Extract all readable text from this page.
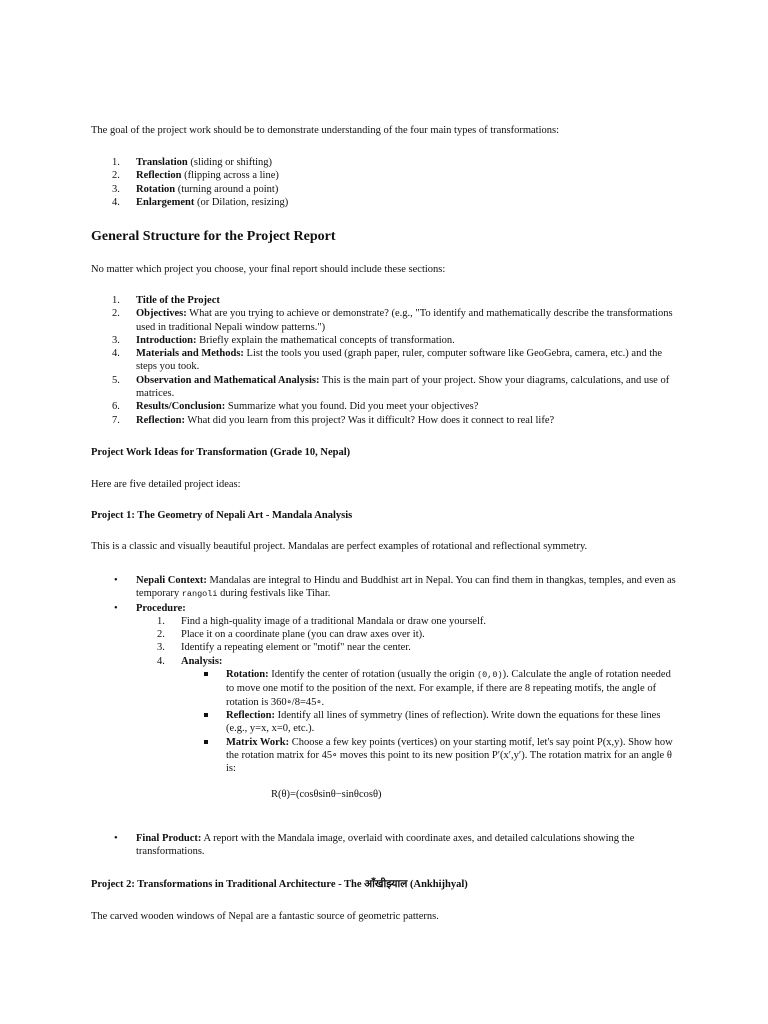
The goal of the project work should be to demonstrate understanding of the four main types of transformations:

1. Translation (sliding or shifting)
2. Reflection (flipping across a line)
3. Rotation (turning around a point)
4. Enlargement (or Dilation, resizing)
General Structure for the Project Report

No matter which project you choose, your final report should include these sections:

1. Title of the Project
2. Objectives: What are you trying to achieve or demonstrate? (e.g., "To identify and mathematically describe the transformations used in traditional Nepali window patterns.")
3. Introduction: Briefly explain the mathematical concepts of transformation.
4. Materials and Methods: List the tools you used (graph paper, ruler, computer software like GeoGebra, camera, etc.) and the steps you took.
5. Observation and Mathematical Analysis: This is the main part of your project. Show your diagrams, calculations, and use of matrices.
6. Results/Conclusion: Summarize what you found. Did you meet your objectives?
7. Reflection: What did you learn from this project? Was it difficult? How does it connect to real life?
Project Work Ideas for Transformation (Grade 10, Nepal)

Here are five detailed project ideas:

Project 1: The Geometry of Nepali Art - Mandala Analysis

This is a classic and visually beautiful project. Mandalas are perfect examples of rotational and reflectional symmetry.

• Nepali Context: Mandalas are integral to Hindu and Buddhist art in Nepal. You can find them in thangkas, temples, and even as temporary rangoli during festivals like Tihar.
• Procedure:
1. Find a high-quality image of a traditional Mandala or draw one yourself.
2. Place it on a coordinate plane (you can draw axes over it).
3. Identify a repeating element or "motif" near the center.
4. Analysis:
Rotation: Identify the center of rotation (usually the origin (0,0)). Calculate the angle of rotation needed to move one motif to the position of the next. For example, if there are 8 repeating motifs, the angle of rotation is 360∘/8=45∘.
Reflection: Identify all lines of symmetry (lines of reflection). Write down the equations for these lines (e.g., y=x, x=0, etc.).
Matrix Work: Choose a few key points (vertices) on your starting motif, let's say point P(x,y). Show how the rotation matrix for 45∘ moves this point to its new position P′(x′,y′). The rotation matrix for an angle θ is:
R(θ)=(cosθsinθ−sinθcosθ)
• Final Product: A report with the Mandala image, overlaid with coordinate axes, and detailed calculations showing the transformations.
Project 2: Transformations in Traditional Architecture - The आँखीझ्याल (Ankhijhyal)

The carved wooden windows of Nepal are a fantastic source of geometric patterns.
